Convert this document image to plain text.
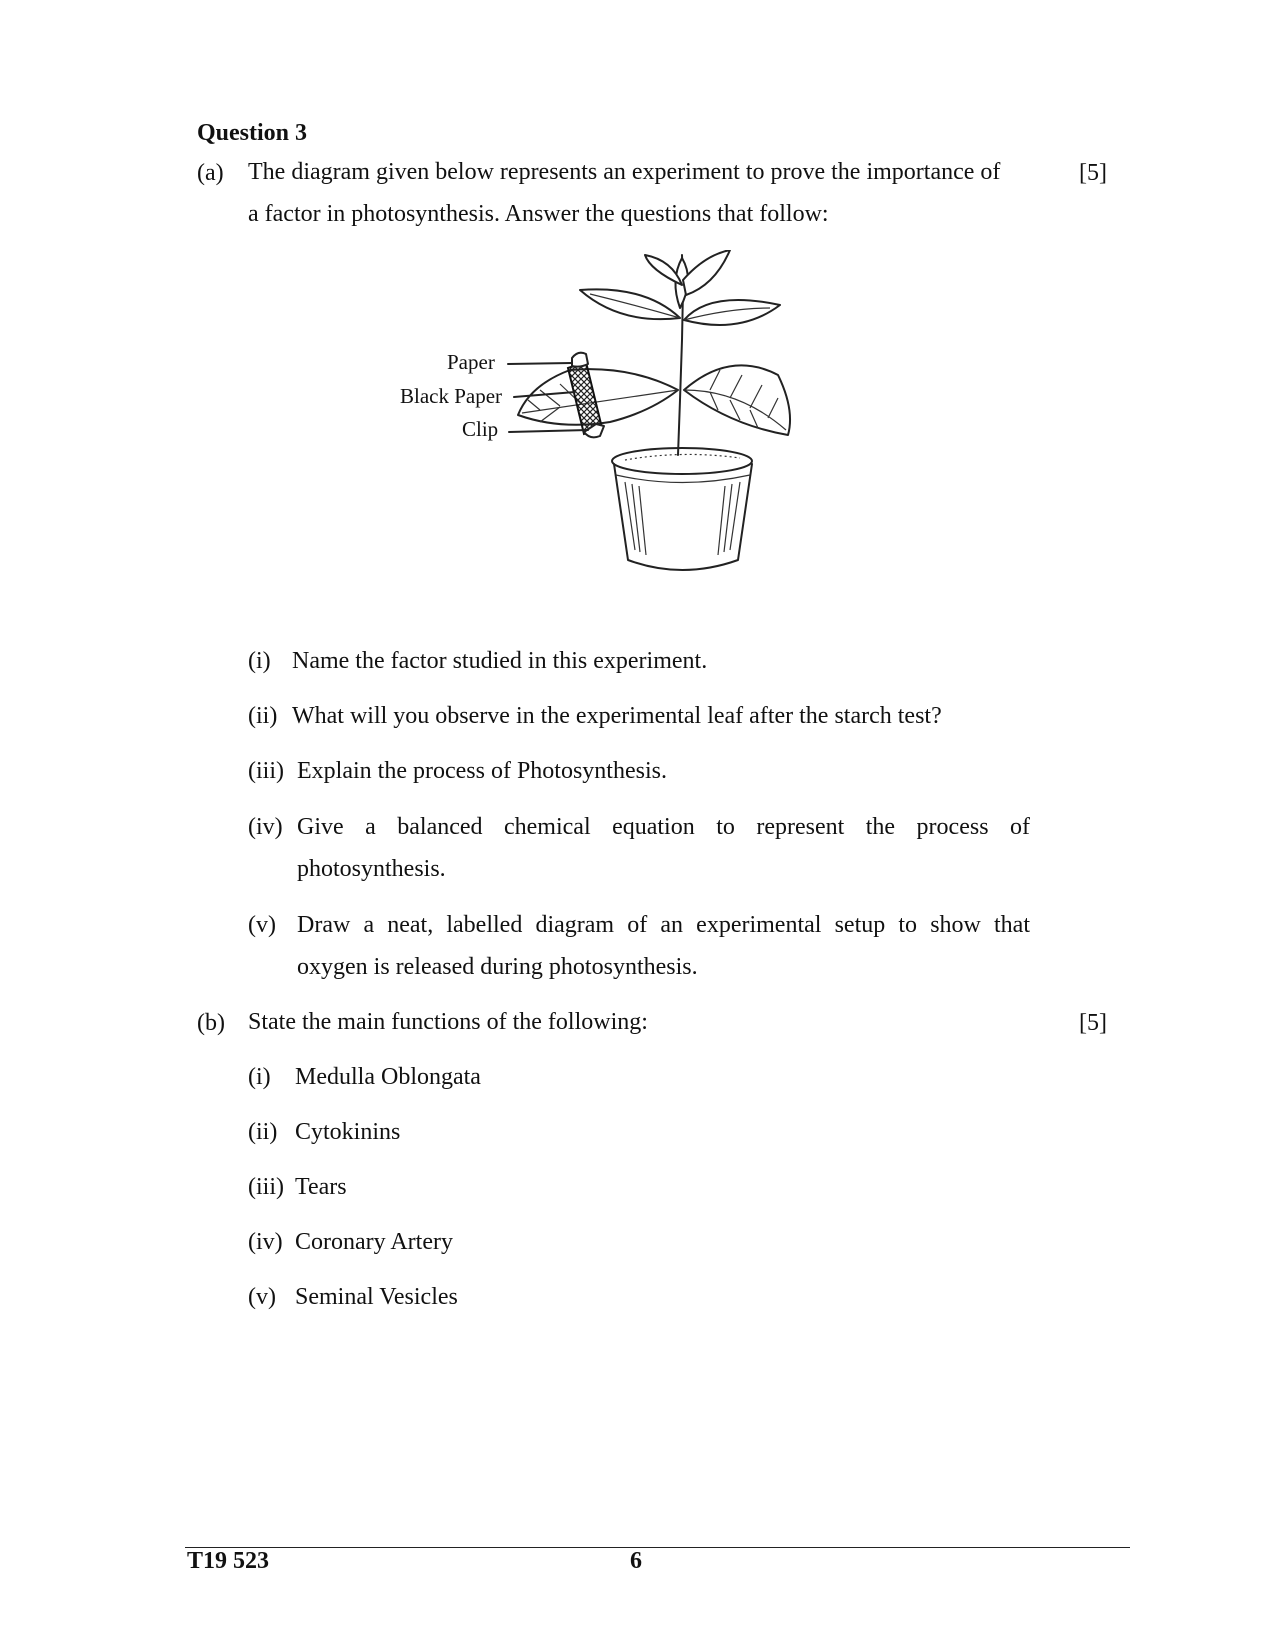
Question 3
(a)	[5]
The diagram given below represents an experiment to prove the importance of
a factor in photosynthesis. Answer the questions that follow:
Paper
Black Paper
Clip
(i) Name the factor studied in this experiment.
(ii) What will you observe in the experimental leaf after the starch test?
(iii) Explain the process of Photosynthesis.
(iv) Give a balanced chemical equation to represent the process of
photosynthesis.
(v) Draw a neat, labelled diagram of an experimental setup to show that
oxygen is released during photosynthesis.
(b)	[5]
State the main functions of the following:
(i) Medulla Oblongata
(ii) Cytokinins
(iii) Tears
(iv) Coronary Artery
(v) Seminal Vesicles
T19 523	6
